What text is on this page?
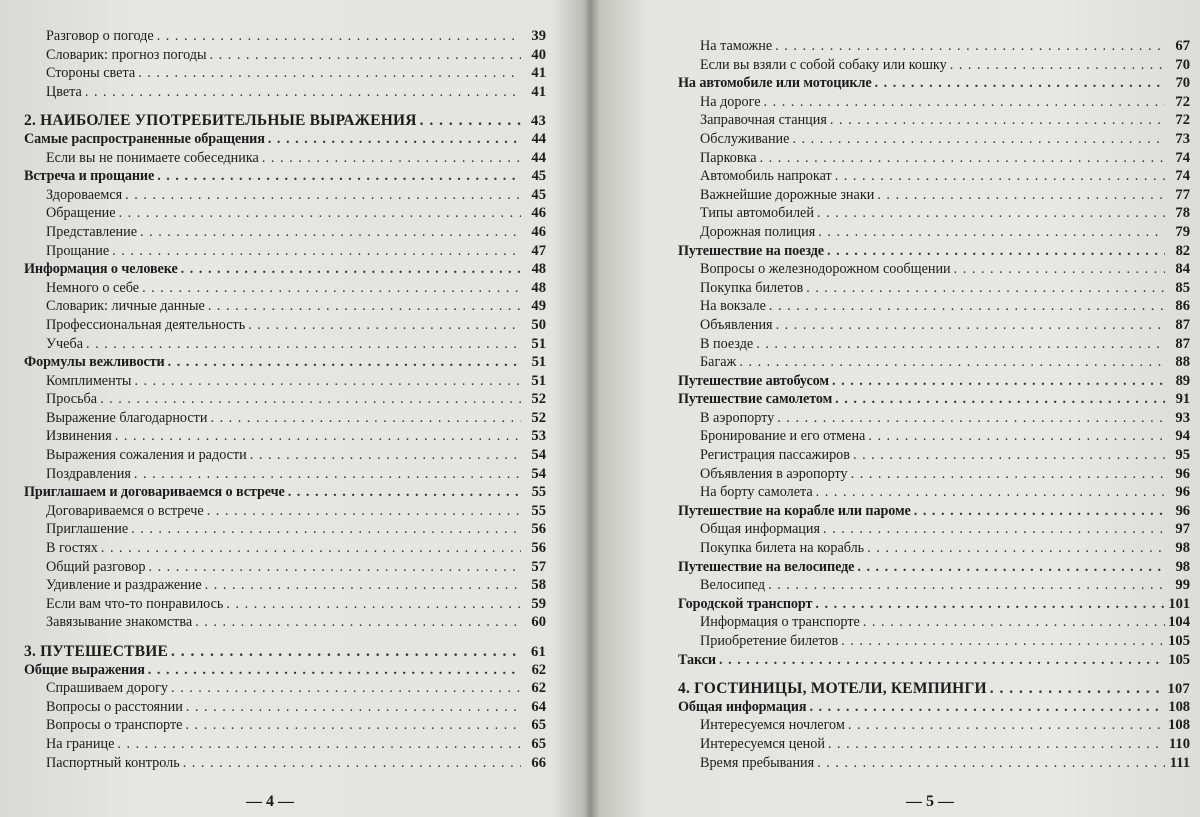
Разговор о погоде . . .	39
Словарик: прогноз погоды . . .	40
Стороны света . . .	41
Цвета . . .	41
2. НАИБОЛЕЕ УПОТРЕБИТЕЛЬНЫЕ ВЫРАЖЕНИЯ . . .	43
Самые распространенные обращения . . .	44
Если вы не понимаете собеседника . . .	44
Встреча и прощание . . .	45
Здороваемся . . .	45
Обращение . . .	46
Представление . . .	46
Прощание . . .	47
Информация о человеке . . .	48
Немного о себе . . .	48
Словарик: личные данные . . .	49
Профессиональная деятельность . . .	50
Учеба . . .	51
Формулы вежливости . . .	51
Комплименты . . .	51
Просьба . . .	52
Выражение благодарности . . .	52
Извинения . . .	53
Выражения сожаления и радости . . .	54
Поздравления . . .	54
Приглашаем и договариваемся о встрече . . .	55
Договариваемся о встрече . . .	55
Приглашение . . .	56
В гостях . . .	56
Общий разговор . . .	57
Удивление и раздражение . . .	58
Если вам что-то понравилось . . .	59
Завязывание знакомства . . .	60
3. ПУТЕШЕСТВИЕ . . .	61
Общие выражения . . .	62
Спрашиваем дорогу . . .	62
Вопросы о расстоянии . . .	64
Вопросы о транспорте . . .	65
На границе . . .	65
Паспортный контроль . . .	66
— 4 —
На таможне . . .	67
Если вы взяли с собой собаку или кошку . . .	70
На автомобиле или мотоцикле . . .	70
На дороге . . .	72
Заправочная станция . . .	72
Обслуживание . . .	73
Парковка . . .	74
Автомобиль напрокат . . .	74
Важнейшие дорожные знаки . . .	77
Типы автомобилей . . .	78
Дорожная полиция . . .	79
Путешествие на поезде . . .	82
Вопросы о железнодорожном сообщении . . .	84
Покупка билетов . . .	85
На вокзале . . .	86
Объявления . . .	87
В поезде . . .	87
Багаж . . .	88
Путешествие автобусом . . .	89
Путешествие самолетом . . .	91
В аэропорту . . .	93
Бронирование и его отмена . . .	94
Регистрация пассажиров . . .	95
Объявления в аэропорту . . .	96
На борту самолета . . .	96
Путешествие на корабле или пароме . . .	96
Общая информация . . .	97
Покупка билета на корабль . . .	98
Путешествие на велосипеде . . .	98
Велосипед . . .	99
Городской транспорт . . .	101
Информация о транспорте . . .	104
Приобретение билетов . . .	105
Такси . . .	105
4. ГОСТИНИЦЫ, МОТЕЛИ, КЕМПИНГИ . . .	107
Общая информация . . .	108
Интересуемся ночлегом . . .	108
Интересуемся ценой . . .	110
Время пребывания . . .	111
— 5 —
